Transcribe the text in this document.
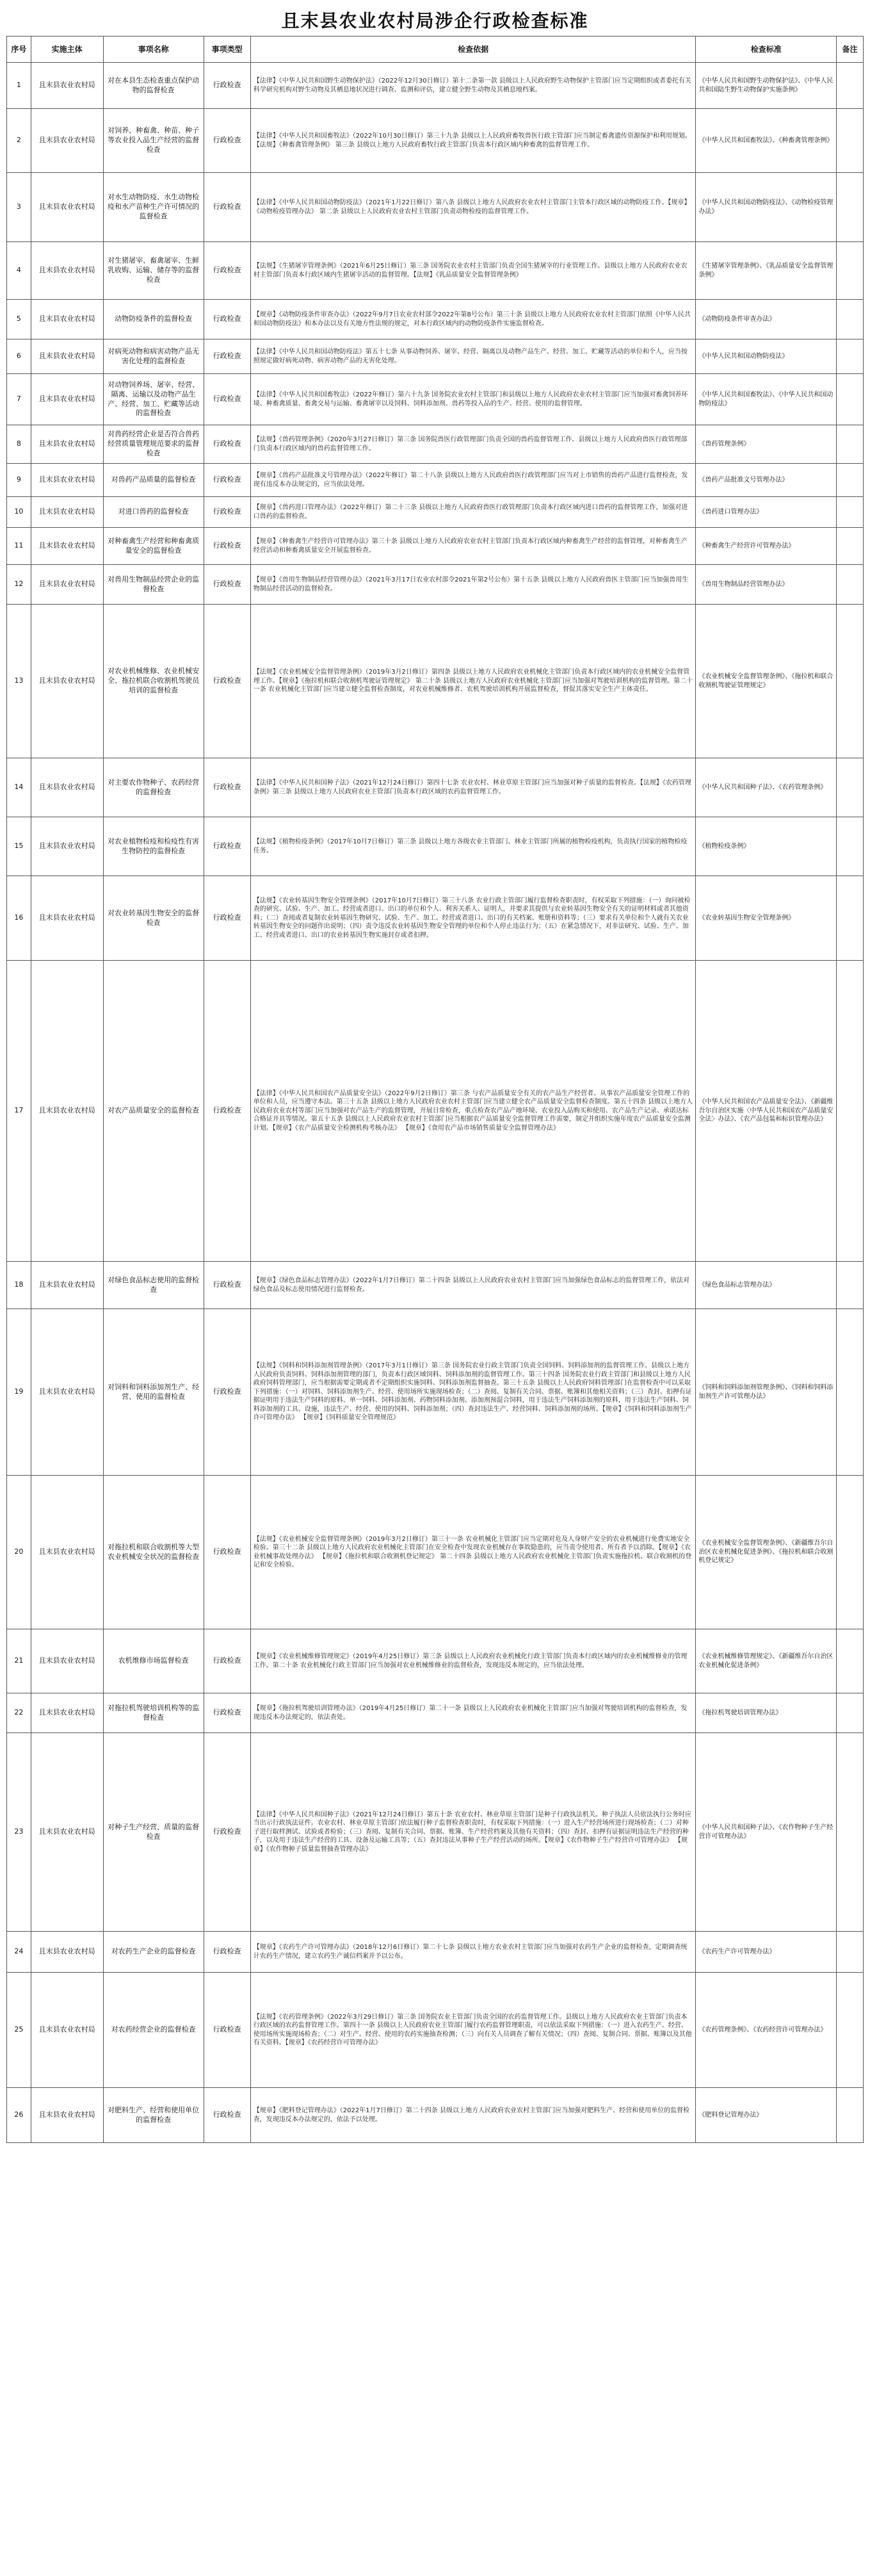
且末县农业农村局涉企行政检查标准
序号	实施主体	事项名称	事项类型	检查依据	检查标准	备注
1	且末县农业农村局	对在本县生态检查重点保护动物的监督检查	行政检查	【法律】《中华人民共和国野生动物保护法》（2022年12月30日修订）第十二条第一款 县级以上人民政府野生动物保护主管部门应当定期组织或者委托有关科学研究机构对野生动物及其栖息地状况进行调查、监测和评估，建立健全野生动物及其栖息地档案。	《中华人民共和国野生动物保护法》、《中华人民共和国陆生野生动物保护实施条例》	
2	且末县农业农村局	对饲养、种畜禽、种苗、种子等农业投入品生产经营的监督检查	行政检查	【法律】《中华人民共和国畜牧法》（2022年10月30日修订）第三十九条 县级以上人民政府畜牧兽医行政主管部门应当制定畜禽遗传资源保护和利用规划。【法规】《种畜禽管理条例》 第三条 县级以上地方人民政府畜牧行政主管部门负责本行政区域内种畜禽的监督管理工作。	《中华人民共和国畜牧法》、《种畜禽管理条例》	
3	且末县农业农村局	对水生动物防疫、水生动物检疫和水产苗种生产许可情况的监督检查	行政检查	【法律】《中华人民共和国动物防疫法》（2021年1月22日修订）第八条 县级以上地方人民政府农业农村主管部门主管本行政区域的动物防疫工作。【规章】《动物检疫管理办法》 第二条 县级以上人民政府农业农村主管部门负责动物检疫的监督管理工作。	《中华人民共和国动物防疫法》、《动物检疫管理办法》	
4	且末县农业农村局	对生猪屠宰、畜禽屠宰、生鲜乳收购、运输、储存等的监督检查	行政检查	【法规】《生猪屠宰管理条例》（2021年6月25日修订）第三条 国务院农业农村主管部门负责全国生猪屠宰的行业管理工作。县级以上地方人民政府农业农村主管部门负责本行政区域内生猪屠宰活动的监督管理。【法规】《乳品质量安全监督管理条例》	《生猪屠宰管理条例》、《乳品质量安全监督管理条例》	
5	且末县农业农村局	动物防疫条件的监督检查	行政检查	【规章】《动物防疫条件审查办法》（2022年9月7日农业农村部令2022年第8号公布）第三十条 县级以上地方人民政府农业农村主管部门依照《中华人民共和国动物防疫法》和本办法以及有关地方性法规的规定，对本行政区域内的动物防疫条件实施监督检查。	《动物防疫条件审查办法》	
6	且末县农业农村局	对病死动物和病害动物产品无害化处理的监督检查	行政检查	【法律】《中华人民共和国动物防疫法》第五十七条 从事动物饲养、屠宰、经营、隔离以及动物产品生产、经营、加工、贮藏等活动的单位和个人，应当按照规定做好病死动物、病害动物产品的无害化处理。	《中华人民共和国动物防疫法》	
7	且末县农业农村局	对动物饲养场、屠宰、经营、隔离、运输以及动物产品生产、经营、加工、贮藏等活动的监督检查	行政检查	【法律】《中华人民共和国畜牧法》（2022年修订）第六十九条 国务院农业农村主管部门和县级以上地方人民政府农业农村主管部门应当加强对畜禽饲养环境、种畜禽质量、畜禽交易与运输、畜禽屠宰以及饲料、饲料添加剂、兽药等投入品的生产、经营、使用的监督管理。	《中华人民共和国畜牧法》、《中华人民共和国动物防疫法》	
8	且末县农业农村局	对兽药经营企业是否符合兽药经营质量管理规范要求的监督检查	行政检查	【法规】《兽药管理条例》（2020年3月27日修订）第三条 国务院兽医行政管理部门负责全国的兽药监督管理工作。县级以上地方人民政府兽医行政管理部门负责本行政区域内的兽药监督管理工作。	《兽药管理条例》	
9	且末县农业农村局	对兽药产品质量的监督检查	行政检查	【规章】《兽药产品批准文号管理办法》（2022年修订）第二十八条 县级以上地方人民政府兽医行政管理部门应当对上市销售的兽药产品进行监督检查，发现有违反本办法规定的，应当依法处理。	《兽药产品批准文号管理办法》	
10	且末县农业农村局	对进口兽药的监督检查	行政检查	【规章】《兽药进口管理办法》（2022年修订）第二十三条 县级以上地方人民政府兽医行政管理部门负责本行政区域内进口兽药的监督管理工作，加强对进口兽药的监督检查。	《兽药进口管理办法》	
11	且末县农业农村局	对种畜禽生产经营和种畜禽质量安全的监督检查	行政检查	【规章】《种畜禽生产经营许可管理办法》第三十条 县级以上地方人民政府农业农村主管部门负责本行政区域内种畜禽生产经营的监督管理，对种畜禽生产经营活动和种畜禽质量安全开展监督检查。	《种畜禽生产经营许可管理办法》	
12	且末县农业农村局	对兽用生物制品经营企业的监督检查	行政检查	【规章】《兽用生物制品经营管理办法》（2021年3月17日农业农村部令2021年第2号公布）第十五条 县级以上地方人民政府兽医主管部门应当加强兽用生物制品经营活动的监督检查。	《兽用生物制品经营管理办法》	
13	且末县农业农村局	对农业机械维修、农业机械安全、拖拉机联合收割机驾驶员培训的监督检查	行政检查	【法规】《农业机械安全监督管理条例》（2019年3月2日修订）第四条 县级以上地方人民政府农业机械化主管部门负责本行政区域内的农业机械安全监督管理工作。【规章】《拖拉机和联合收割机驾驶证管理规定》 第二十条 县级以上地方人民政府农业机械化主管部门应当加强对驾驶培训机构的监督管理。第二十一条 农业机械化主管部门应当建立健全监督检查制度，对农业机械维修者、农机驾驶培训机构开展监督检查，督促其落实安全生产主体责任。	《农业机械安全监督管理条例》、《拖拉机和联合收割机驾驶证管理规定》	
14	且末县农业农村局	对主要农作物种子、农药经营的监督检查	行政检查	【法律】《中华人民共和国种子法》（2021年12月24日修订）第四十七条 农业农村、林业草原主管部门应当加强对种子质量的监督检查。【法规】《农药管理条例》第三条 县级以上地方人民政府农业主管部门负责本行政区域的农药监督管理工作。	《中华人民共和国种子法》、《农药管理条例》	
15	且末县农业农村局	对农业植物检疫和检疫性有害生物防控的监督检查	行政检查	【法规】《植物检疫条例》（2017年10月7日修订）第三条 县级以上地方各级农业主管部门、林业主管部门所属的植物检疫机构，负责执行国家的植物检疫任务。	《植物检疫条例》	
16	且末县农业农村局	对农业转基因生物安全的监督检查	行政检查	【法规】《农业转基因生物安全管理条例》（2017年10月7日修订）第三十八条 农业行政主管部门履行监督检查职责时，有权采取下列措施：（一）询问被检查的研究、试验、生产、加工、经营或者进口、出口的单位和个人、利害关系人、证明人，并要求其提供与农业转基因生物安全有关的证明材料或者其他资料；（二）查阅或者复制农业转基因生物研究、试验、生产、加工、经营或者进口、出口的有关档案、账册和资料等；（三）要求有关单位和个人就有关农业转基因生物安全的问题作出说明；（四）责令违反农业转基因生物安全管理的单位和个人停止违法行为；（五）在紧急情况下，对非法研究、试验、生产、加工、经营或者进口、出口的农业转基因生物实施封存或者扣押。	《农业转基因生物安全管理条例》	
17	且末县农业农村局	对农产品质量安全的监督检查	行政检查	【法律】《中华人民共和国农产品质量安全法》（2022年9月2日修订）第三条 与农产品质量安全有关的农产品生产经营者、从事农产品质量安全管理工作的单位和人员，应当遵守本法。第三十五条 县级以上地方人民政府农业农村主管部门应当建立健全农产品质量安全监督检查制度。第五十四条 县级以上地方人民政府农业农村等部门应当加强对农产品生产的监督管理，开展日常检查，重点检查农产品产地环境、农业投入品购买和使用、农产品生产记录、承诺达标合格证开具等情况。第五十五条 县级以上人民政府农业农村主管部门应当根据农产品质量安全监督管理工作需要，制定并组织实施年度农产品质量安全监测计划。【规章】《农产品质量安全检测机构考核办法》 【规章】《食用农产品市场销售质量安全监督管理办法》	《中华人民共和国农产品质量安全法》、《新疆维吾尔自治区实施〈中华人民共和国农产品质量安全法〉办法》、《农产品包装和标识管理办法》	
18	且末县农业农村局	对绿色食品标志使用的监督检查	行政检查	【规章】《绿色食品标志管理办法》（2022年1月7日修订）第二十四条 县级以上人民政府农业农村主管部门应当加强绿色食品标志的监督管理工作，依法对绿色食品及标志使用情况进行监督检查。	《绿色食品标志管理办法》	
19	且末县农业农村局	对饲料和饲料添加剂生产、经营、使用的监督检查	行政检查	【法规】《饲料和饲料添加剂管理条例》（2017年3月1日修订）第三条 国务院农业行政主管部门负责全国饲料、饲料添加剂的监督管理工作。县级以上地方人民政府负责饲料、饲料添加剂管理的部门，负责本行政区域饲料、饲料添加剂的监督管理工作。第三十四条 国务院农业行政主管部门和县级以上地方人民政府饲料管理部门，应当根据需要定期或者不定期组织实施饲料、饲料添加剂监督抽查。第三十五条 县级以上人民政府饲料管理部门在监督检查中可以采取下列措施：（一）对饲料、饲料添加剂生产、经营、使用场所实施现场检查；（二）查阅、复制有关合同、票据、账簿和其他相关资料；（三）查封、扣押有证据证明用于违法生产饲料的原料、单一饲料、饲料添加剂、药物饲料添加剂、添加剂预混合饲料，用于违法生产饲料添加剂的原料，用于违法生产饲料、饲料添加剂的工具、设施，违法生产、经营、使用的饲料、饲料添加剂；（四）查封违法生产、经营饲料、饲料添加剂的场所。【规章】《饲料和饲料添加剂生产许可管理办法》 【规章】《饲料质量安全管理规范》	《饲料和饲料添加剂管理条例》、《饲料和饲料添加剂生产许可管理办法》	
20	且末县农业农村局	对拖拉机和联合收割机等大型农业机械安全状况的监督检查	行政检查	【法规】《农业机械安全监督管理条例》（2019年3月2日修订）第三十一条 农业机械化主管部门应当定期对危及人身财产安全的农业机械进行免费实地安全检验。第三十二条 县级以上地方人民政府农业机械化主管部门在安全检查中发现农业机械存在事故隐患的，应当责令使用者、所有者予以消除。【规章】《农业机械事故处理办法》 【规章】《拖拉机和联合收割机登记规定》 第二十四条 县级以上地方人民政府农业机械化主管部门负责实施拖拉机、联合收割机的登记和安全检验。	《农业机械安全监督管理条例》、《新疆维吾尔自治区农业机械化促进条例》、《拖拉机和联合收割机登记规定》	
21	且末县农业农村局	农机维修市场监督检查	行政检查	【规章】《农业机械维修管理规定》（2019年4月25日修订）第三条 县级以上人民政府农业机械化行政主管部门负责本行政区域内的农业机械维修业的管理工作。第二十条 农业机械化行政主管部门应当加强对农业机械维修业的监督检查，发现违反本规定的，应当依法处理。	《农业机械维修管理规定》、《新疆维吾尔自治区农业机械化促进条例》	
22	且末县农业农村局	对拖拉机驾驶培训机构等的监督检查	行政检查	【规章】《拖拉机驾驶培训管理办法》（2019年4月25日修订）第二十一条 县级以上人民政府农业机械化主管部门应当加强对驾驶培训机构的监督检查，发现违反本办法规定的，依法查处。	《拖拉机驾驶培训管理办法》	
23	且末县农业农村局	对种子生产经营、质量的监督检查	行政检查	【法律】《中华人民共和国种子法》（2021年12月24日修订）第五十条 农业农村、林业草原主管部门是种子行政执法机关。种子执法人员依法执行公务时应当出示行政执法证件。农业农村、林业草原主管部门依法履行种子监督检查职责时，有权采取下列措施：（一）进入生产经营场所进行现场检查；（二）对种子进行取样测试、试验或者检验；（三）查阅、复制有关合同、票据、账簿、生产经营档案及其他有关资料；（四）查封、扣押有证据证明违法生产经营的种子，以及用于违法生产经营的工具、设备及运输工具等；（五）查封违法从事种子生产经营活动的场所。【规章】《农作物种子生产经营许可管理办法》 【规章】《农作物种子质量监督抽查管理办法》	《中华人民共和国种子法》、《农作物种子生产经营许可管理办法》	
24	且末县农业农村局	对农药生产企业的监督检查	行政检查	【规章】《农药生产许可管理办法》（2018年12月6日修订）第二十七条 县级以上地方农业农村主管部门应当加强对农药生产企业的监督检查，定期调查统计农药生产情况，建立农药生产诚信档案并予以公布。	《农药生产许可管理办法》	
25	且末县农业农村局	对农药经营企业的监督检查	行政检查	【法规】《农药管理条例》（2022年3月29日修订）第三条 国务院农业主管部门负责全国的农药监督管理工作。县级以上地方人民政府农业主管部门负责本行政区域的农药监督管理工作。第四十一条 县级以上人民政府农业主管部门履行农药监督管理职责，可以依法采取下列措施：（一）进入农药生产、经营、使用场所实施现场检查；（二）对生产、经营、使用的农药实施抽查检测；（三）向有关人员调查了解有关情况；（四）查阅、复制合同、票据、账簿以及其他有关资料。【规章】《农药经营许可管理办法》	《农药管理条例》、《农药经营许可管理办法》	
26	且末县农业农村局	对肥料生产、经营和使用单位的监督检查	行政检查	【规章】《肥料登记管理办法》（2022年1月7日修订）第二十四条 县级以上地方人民政府农业农村主管部门应当加强对肥料生产、经营和使用单位的监督检查，发现违反本办法规定的，依法予以处理。	《肥料登记管理办法》	
